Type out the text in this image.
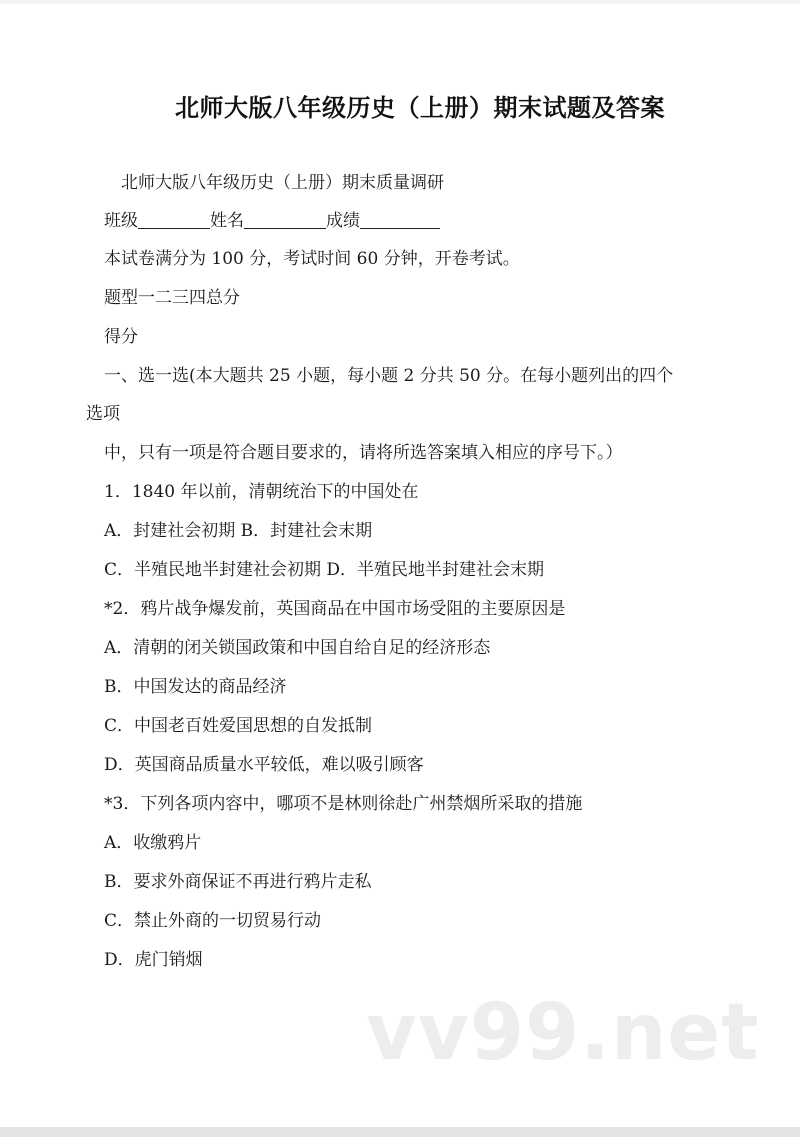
北师大版八年级历史（上册）期末试题及答案
北师大版八年级历史（上册）期末质量调研
班级	姓名	成绩
本试卷满分为 100 分，考试时间 60 分钟，开卷考试。
题型一二三四总分
得分
一、选一选(本大题共 25 小题，每小题 2 分共 50 分。在每小题列出的四个
选项
中，只有一项是符合题目要求的，请将所选答案填入相应的序号下。）
1．1840 年以前，清朝统治下的中国处在
A．封建社会初期 B．封建社会末期
C．半殖民地半封建社会初期 D．半殖民地半封建社会末期
*2．鸦片战争爆发前，英国商品在中国市场受阻的主要原因是
A．清朝的闭关锁国政策和中国自给自足的经济形态
B．中国发达的商品经济
C．中国老百姓爱国思想的自发抵制
D．英国商品质量水平较低，难以吸引顾客
*3．下列各项内容中，哪项不是林则徐赴广州禁烟所采取的措施
A．收缴鸦片
B．要求外商保证不再进行鸦片走私
C．禁止外商的一切贸易行动
D．虎门销烟
vv99.net
